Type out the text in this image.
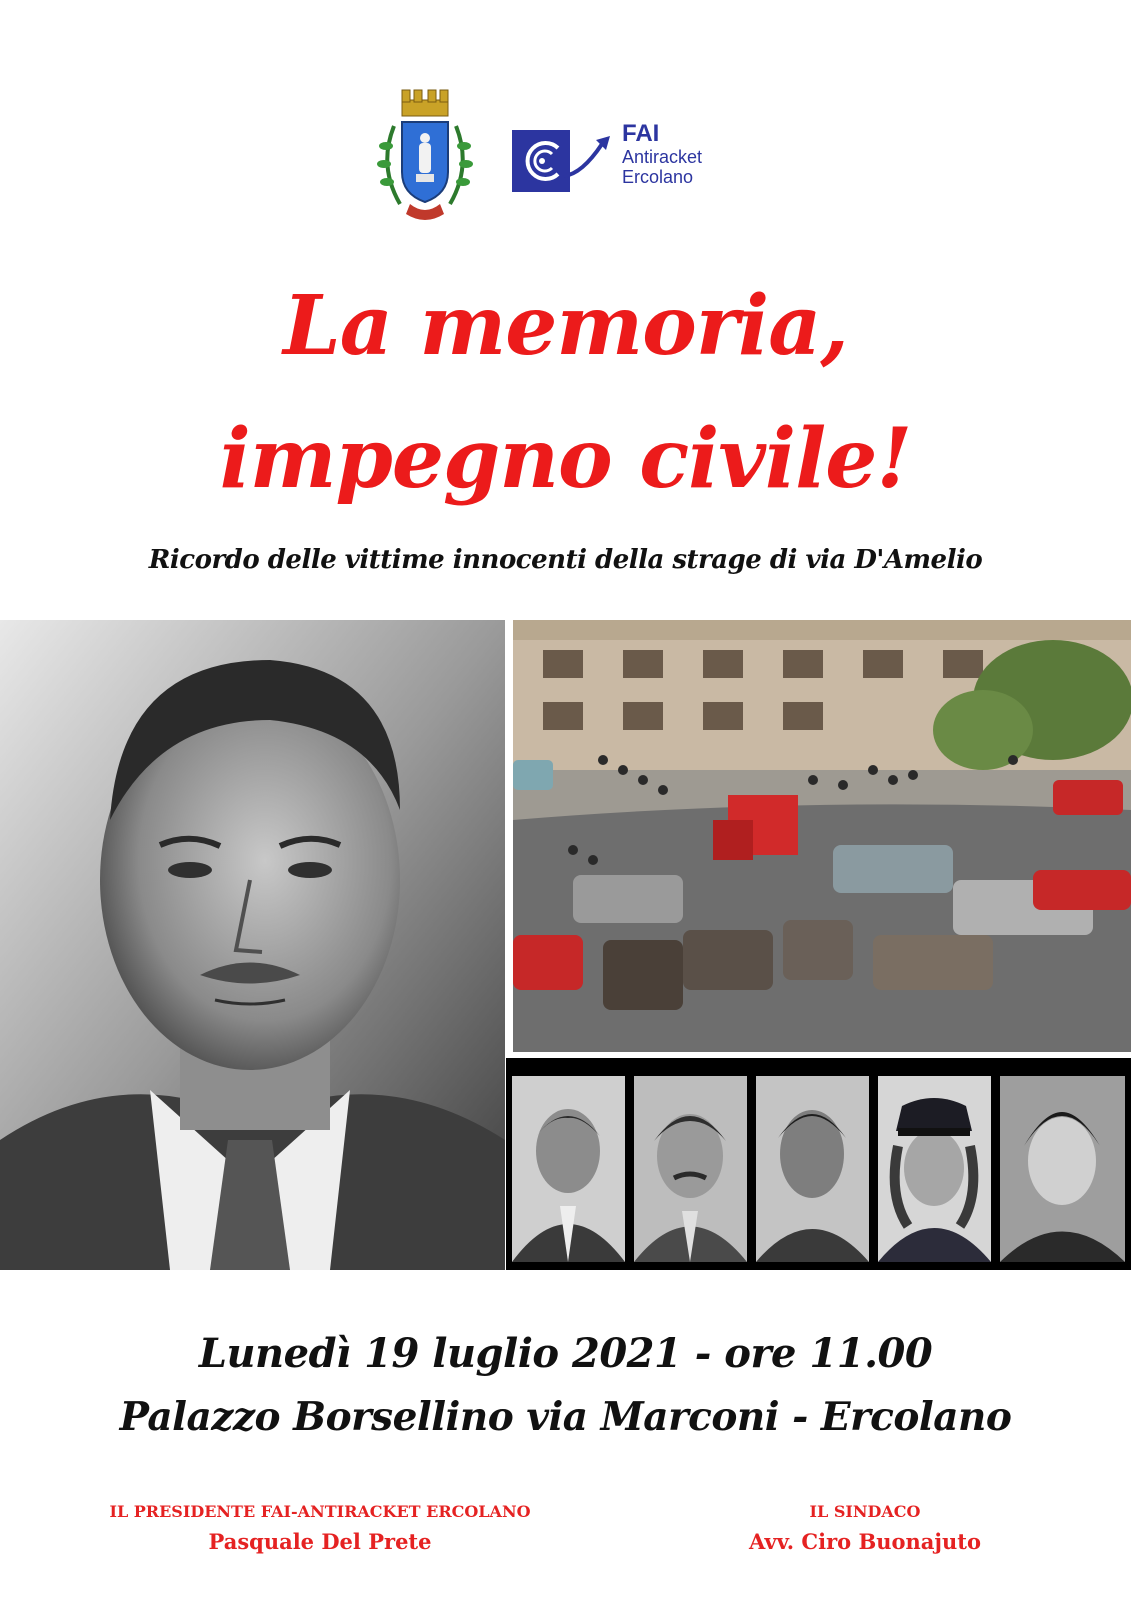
FAI
Antiracket
Ercolano
La memoria,
impegno civile!
Ricordo delle vittime innocenti della strage di via D'Amelio
Lunedì 19 luglio 2021 - ore 11.00
Palazzo Borsellino via Marconi - Ercolano
IL PRESIDENTE FAI-ANTIRACKET ERCOLANO
Pasquale Del Prete
IL SINDACO
Avv. Ciro Buonajuto
